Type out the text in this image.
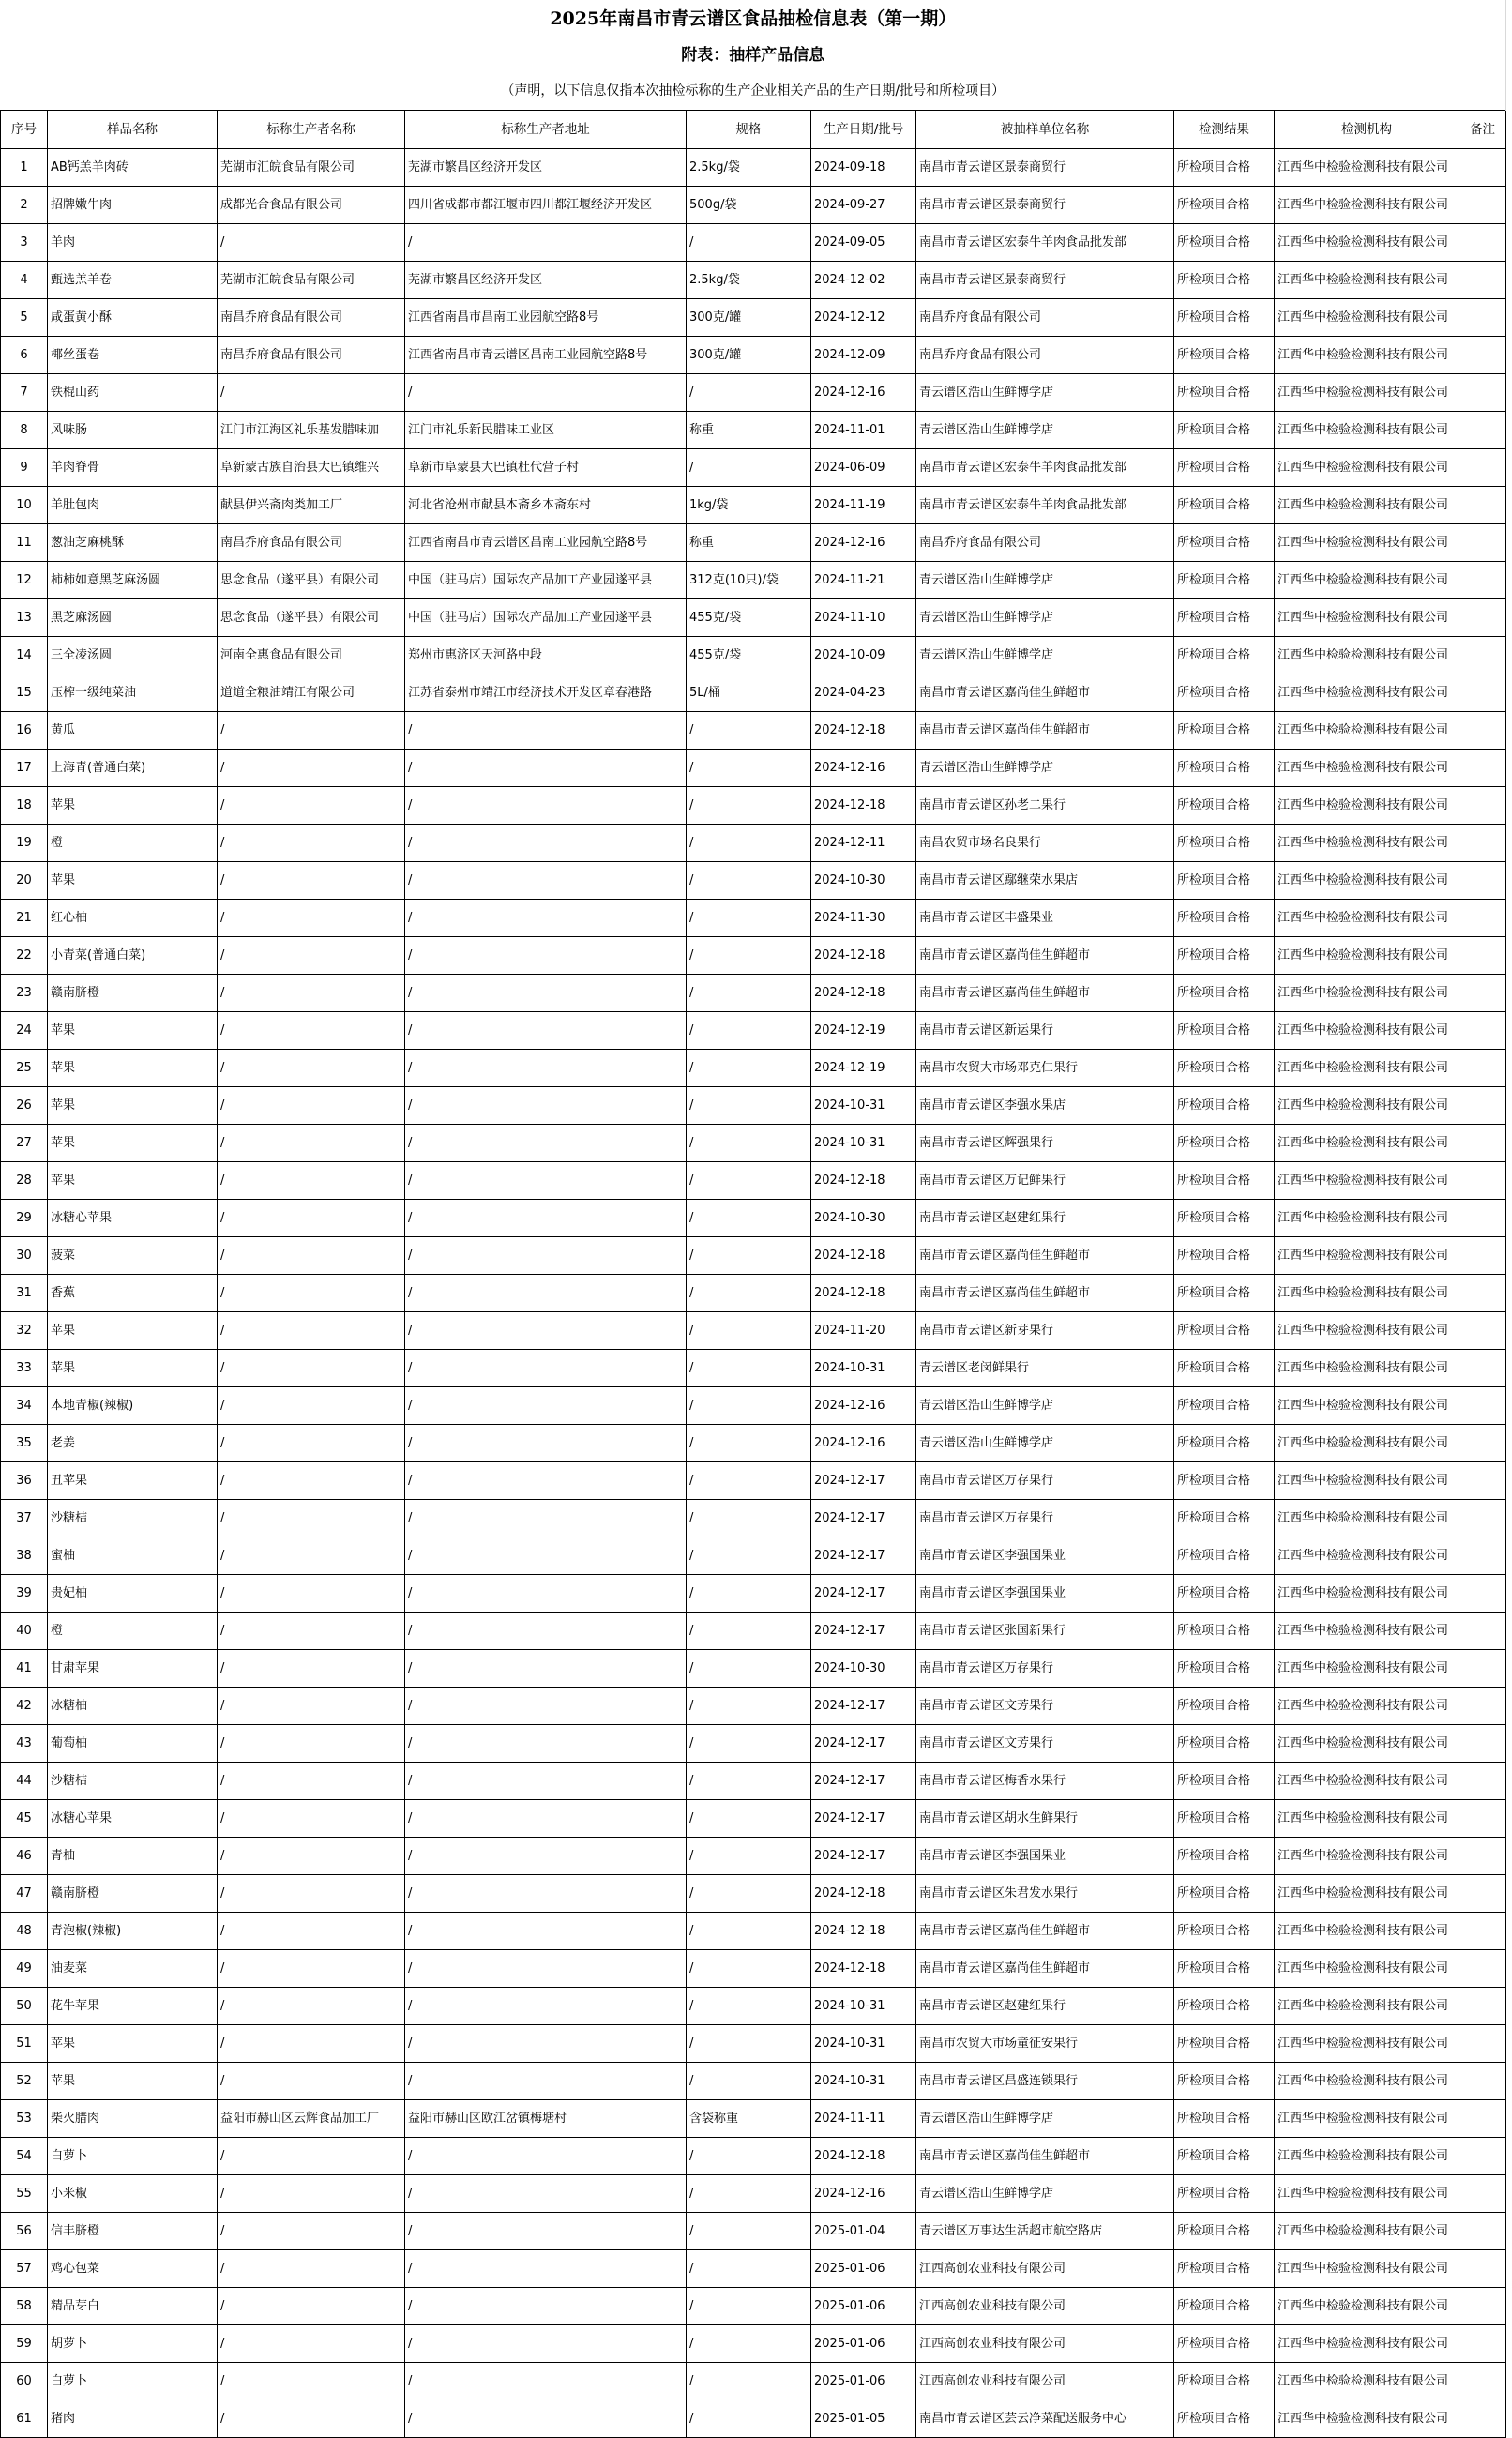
2025年南昌市青云谱区食品抽检信息表（第一期）										
附表：抽样产品信息										
（声明，以下信息仅指本次抽检标称的生产企业相关产品的生产日期/批号和所检项目）										
序号	样品名称	标称生产者名称	标称生产者地址	规格	生产日期/批号	被抽样单位名称	检测结果	检测机构	备注	
1	AB钙羔羊肉砖	芜湖市汇皖食品有限公司	芜湖市繁昌区经济开发区	2.5kg/袋	2024-09-18	南昌市青云谱区景泰商贸行	所检项目合格	江西华中检验检测科技有限公司		
2	招牌嫩牛肉	成都光合食品有限公司	四川省成都市都江堰市四川都江堰经济开发区	500g/袋	2024-09-27	南昌市青云谱区景泰商贸行	所检项目合格	江西华中检验检测科技有限公司		
3	羊肉	/	/	/	2024-09-05	南昌市青云谱区宏泰牛羊肉食品批发部	所检项目合格	江西华中检验检测科技有限公司		
4	甄选羔羊卷	芜湖市汇皖食品有限公司	芜湖市繁昌区经济开发区	2.5kg/袋	2024-12-02	南昌市青云谱区景泰商贸行	所检项目合格	江西华中检验检测科技有限公司		
5	咸蛋黄小酥	南昌乔府食品有限公司	江西省南昌市昌南工业园航空路8号	300克/罐	2024-12-12	南昌乔府食品有限公司	所检项目合格	江西华中检验检测科技有限公司		
6	椰丝蛋卷	南昌乔府食品有限公司	江西省南昌市青云谱区昌南工业园航空路8号	300克/罐	2024-12-09	南昌乔府食品有限公司	所检项目合格	江西华中检验检测科技有限公司		
7	铁棍山药	/	/	/	2024-12-16	青云谱区浩山生鲜博学店	所检项目合格	江西华中检验检测科技有限公司		
8	风味肠	江门市江海区礼乐基发腊味加	江门市礼乐新民腊味工业区	称重	2024-11-01	青云谱区浩山生鲜博学店	所检项目合格	江西华中检验检测科技有限公司		
9	羊肉脊骨	阜新蒙古族自治县大巴镇维兴	阜新市阜蒙县大巴镇杜代营子村	/	2024-06-09	南昌市青云谱区宏泰牛羊肉食品批发部	所检项目合格	江西华中检验检测科技有限公司		
10	羊肚包肉	献县伊兴斋肉类加工厂	河北省沧州市献县本斋乡本斋东村	1kg/袋	2024-11-19	南昌市青云谱区宏泰牛羊肉食品批发部	所检项目合格	江西华中检验检测科技有限公司		
11	葱油芝麻桃酥	南昌乔府食品有限公司	江西省南昌市青云谱区昌南工业园航空路8号	称重	2024-12-16	南昌乔府食品有限公司	所检项目合格	江西华中检验检测科技有限公司		
12	柿柿如意黑芝麻汤圆	思念食品（遂平县）有限公司	中国（驻马店）国际农产品加工产业园遂平县	312克(10只)/袋	2024-11-21	青云谱区浩山生鲜博学店	所检项目合格	江西华中检验检测科技有限公司		
13	黑芝麻汤圆	思念食品（遂平县）有限公司	中国（驻马店）国际农产品加工产业园遂平县	455克/袋	2024-11-10	青云谱区浩山生鲜博学店	所检项目合格	江西华中检验检测科技有限公司		
14	三全凌汤圆	河南全惠食品有限公司	郑州市惠济区天河路中段	455克/袋	2024-10-09	青云谱区浩山生鲜博学店	所检项目合格	江西华中检验检测科技有限公司		
15	压榨一级纯菜油	道道全粮油靖江有限公司	江苏省泰州市靖江市经济技术开发区章春港路	5L/桶	2024-04-23	南昌市青云谱区嘉尚佳生鲜超市	所检项目合格	江西华中检验检测科技有限公司		
16	黄瓜	/	/	/	2024-12-18	南昌市青云谱区嘉尚佳生鲜超市	所检项目合格	江西华中检验检测科技有限公司		
17	上海青(普通白菜)	/	/	/	2024-12-16	青云谱区浩山生鲜博学店	所检项目合格	江西华中检验检测科技有限公司		
18	苹果	/	/	/	2024-12-18	南昌市青云谱区孙老二果行	所检项目合格	江西华中检验检测科技有限公司		
19	橙	/	/	/	2024-12-11	南昌农贸市场名良果行	所检项目合格	江西华中检验检测科技有限公司		
20	苹果	/	/	/	2024-10-30	南昌市青云谱区鄢继荣水果店	所检项目合格	江西华中检验检测科技有限公司		
21	红心柚	/	/	/	2024-11-30	南昌市青云谱区丰盛果业	所检项目合格	江西华中检验检测科技有限公司		
22	小青菜(普通白菜)	/	/	/	2024-12-18	南昌市青云谱区嘉尚佳生鲜超市	所检项目合格	江西华中检验检测科技有限公司		
23	赣南脐橙	/	/	/	2024-12-18	南昌市青云谱区嘉尚佳生鲜超市	所检项目合格	江西华中检验检测科技有限公司		
24	苹果	/	/	/	2024-12-19	南昌市青云谱区新运果行	所检项目合格	江西华中检验检测科技有限公司		
25	苹果	/	/	/	2024-12-19	南昌市农贸大市场邓克仁果行	所检项目合格	江西华中检验检测科技有限公司		
26	苹果	/	/	/	2024-10-31	南昌市青云谱区李强水果店	所检项目合格	江西华中检验检测科技有限公司		
27	苹果	/	/	/	2024-10-31	南昌市青云谱区辉强果行	所检项目合格	江西华中检验检测科技有限公司		
28	苹果	/	/	/	2024-12-18	南昌市青云谱区万记鲜果行	所检项目合格	江西华中检验检测科技有限公司		
29	冰糖心苹果	/	/	/	2024-10-30	南昌市青云谱区赵建红果行	所检项目合格	江西华中检验检测科技有限公司		
30	菠菜	/	/	/	2024-12-18	南昌市青云谱区嘉尚佳生鲜超市	所检项目合格	江西华中检验检测科技有限公司		
31	香蕉	/	/	/	2024-12-18	南昌市青云谱区嘉尚佳生鲜超市	所检项目合格	江西华中检验检测科技有限公司		
32	苹果	/	/	/	2024-11-20	南昌市青云谱区新芽果行	所检项目合格	江西华中检验检测科技有限公司		
33	苹果	/	/	/	2024-10-31	青云谱区老闵鲜果行	所检项目合格	江西华中检验检测科技有限公司		
34	本地青椒(辣椒)	/	/	/	2024-12-16	青云谱区浩山生鲜博学店	所检项目合格	江西华中检验检测科技有限公司		
35	老姜	/	/	/	2024-12-16	青云谱区浩山生鲜博学店	所检项目合格	江西华中检验检测科技有限公司		
36	丑苹果	/	/	/	2024-12-17	南昌市青云谱区万存果行	所检项目合格	江西华中检验检测科技有限公司		
37	沙糖桔	/	/	/	2024-12-17	南昌市青云谱区万存果行	所检项目合格	江西华中检验检测科技有限公司		
38	蜜柚	/	/	/	2024-12-17	南昌市青云谱区李强国果业	所检项目合格	江西华中检验检测科技有限公司		
39	贵妃柚	/	/	/	2024-12-17	南昌市青云谱区李强国果业	所检项目合格	江西华中检验检测科技有限公司		
40	橙	/	/	/	2024-12-17	南昌市青云谱区张国新果行	所检项目合格	江西华中检验检测科技有限公司		
41	甘肃苹果	/	/	/	2024-10-30	南昌市青云谱区万存果行	所检项目合格	江西华中检验检测科技有限公司		
42	冰糖柚	/	/	/	2024-12-17	南昌市青云谱区文芳果行	所检项目合格	江西华中检验检测科技有限公司		
43	葡萄柚	/	/	/	2024-12-17	南昌市青云谱区文芳果行	所检项目合格	江西华中检验检测科技有限公司		
44	沙糖桔	/	/	/	2024-12-17	南昌市青云谱区梅香水果行	所检项目合格	江西华中检验检测科技有限公司		
45	冰糖心苹果	/	/	/	2024-12-17	南昌市青云谱区胡水生鲜果行	所检项目合格	江西华中检验检测科技有限公司		
46	青柚	/	/	/	2024-12-17	南昌市青云谱区李强国果业	所检项目合格	江西华中检验检测科技有限公司		
47	赣南脐橙	/	/	/	2024-12-18	南昌市青云谱区朱君发水果行	所检项目合格	江西华中检验检测科技有限公司		
48	青泡椒(辣椒)	/	/	/	2024-12-18	南昌市青云谱区嘉尚佳生鲜超市	所检项目合格	江西华中检验检测科技有限公司		
49	油麦菜	/	/	/	2024-12-18	南昌市青云谱区嘉尚佳生鲜超市	所检项目合格	江西华中检验检测科技有限公司		
50	花牛苹果	/	/	/	2024-10-31	南昌市青云谱区赵建红果行	所检项目合格	江西华中检验检测科技有限公司		
51	苹果	/	/	/	2024-10-31	南昌市农贸大市场童征安果行	所检项目合格	江西华中检验检测科技有限公司		
52	苹果	/	/	/	2024-10-31	南昌市青云谱区昌盛连锁果行	所检项目合格	江西华中检验检测科技有限公司		
53	柴火腊肉	益阳市赫山区云辉食品加工厂	益阳市赫山区欧江岔镇梅塘村	含袋称重	2024-11-11	青云谱区浩山生鲜博学店	所检项目合格	江西华中检验检测科技有限公司		
54	白萝卜	/	/	/	2024-12-18	南昌市青云谱区嘉尚佳生鲜超市	所检项目合格	江西华中检验检测科技有限公司		
55	小米椒	/	/	/	2024-12-16	青云谱区浩山生鲜博学店	所检项目合格	江西华中检验检测科技有限公司		
56	信丰脐橙	/	/	/	2025-01-04	青云谱区万事达生活超市航空路店	所检项目合格	江西华中检验检测科技有限公司		
57	鸡心包菜	/	/	/	2025-01-06	江西高创农业科技有限公司	所检项目合格	江西华中检验检测科技有限公司		
58	精品芽白	/	/	/	2025-01-06	江西高创农业科技有限公司	所检项目合格	江西华中检验检测科技有限公司		
59	胡萝卜	/	/	/	2025-01-06	江西高创农业科技有限公司	所检项目合格	江西华中检验检测科技有限公司		
60	白萝卜	/	/	/	2025-01-06	江西高创农业科技有限公司	所检项目合格	江西华中检验检测科技有限公司		
61	猪肉	/	/	/	2025-01-05	南昌市青云谱区芸云净菜配送服务中心	所检项目合格	江西华中检验检测科技有限公司		
